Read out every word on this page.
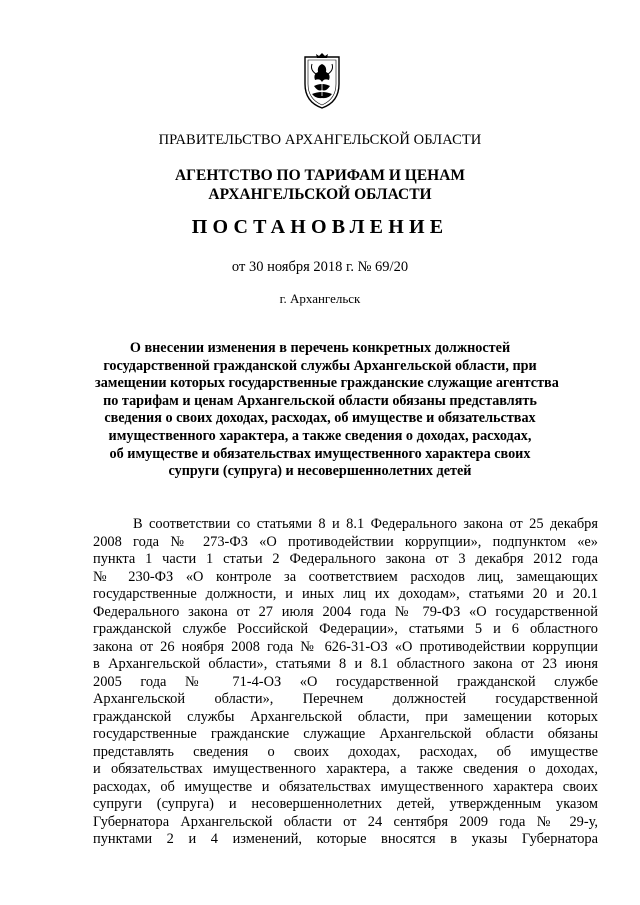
ПРАВИТЕЛЬСТВО АРХАНГЕЛЬСКОЙ ОБЛАСТИ
АГЕНТСТВО ПО ТАРИФАМ И ЦЕНАМ
АРХАНГЕЛЬСКОЙ ОБЛАСТИ
ПОСТАНОВЛЕНИЕ
от 30 ноября 2018 г. № 69/20
г. Архангельск
О внесении изменения в перечень конкретных должностей
государственной гражданской службы Архангельской области, при
замещении которых государственные гражданские служащие агентства
по тарифам и ценам Архангельской области обязаны представлять
сведения о своих доходах, расходах, об имуществе и обязательствах
имущественного характера, а также сведения о доходах, расходах,
об имуществе и обязательствах имущественного характера своих
супруги (супруга) и несовершеннолетних детей
В соответствии со статьями 8 и 8.1 Федерального закона от 25 декабря
2008 года № 273-ФЗ «О противодействии коррупции», подпунктом «е»
пункта 1 части 1 статьи 2 Федерального закона от 3 декабря 2012 года
№ 230-ФЗ «О контроле за соответствием расходов лиц, замещающих
государственные должности, и иных лиц их доходам», статьями 20 и 20.1
Федерального закона от 27 июля 2004 года № 79-ФЗ «О государственной
гражданской службе Российской Федерации», статьями 5 и 6 областного
закона от 26 ноября 2008 года № 626-31-ОЗ «О противодействии коррупции
в Архангельской области», статьями 8 и 8.1 областного закона от 23 июня
2005 года № 71-4-ОЗ «О государственной гражданской службе
Архангельской области», Перечнем должностей государственной
гражданской службы Архангельской области, при замещении которых
государственные гражданские служащие Архангельской области обязаны
представлять сведения о своих доходах, расходах, об имуществе
и обязательствах имущественного характера, а также сведения о доходах,
расходах, об имуществе и обязательствах имущественного характера своих
супруги (супруга) и несовершеннолетних детей, утвержденным указом
Губернатора Архангельской области от 24 сентября 2009 года № 29-у,
пунктами 2 и 4 изменений, которые вносятся в указы Губернатора
